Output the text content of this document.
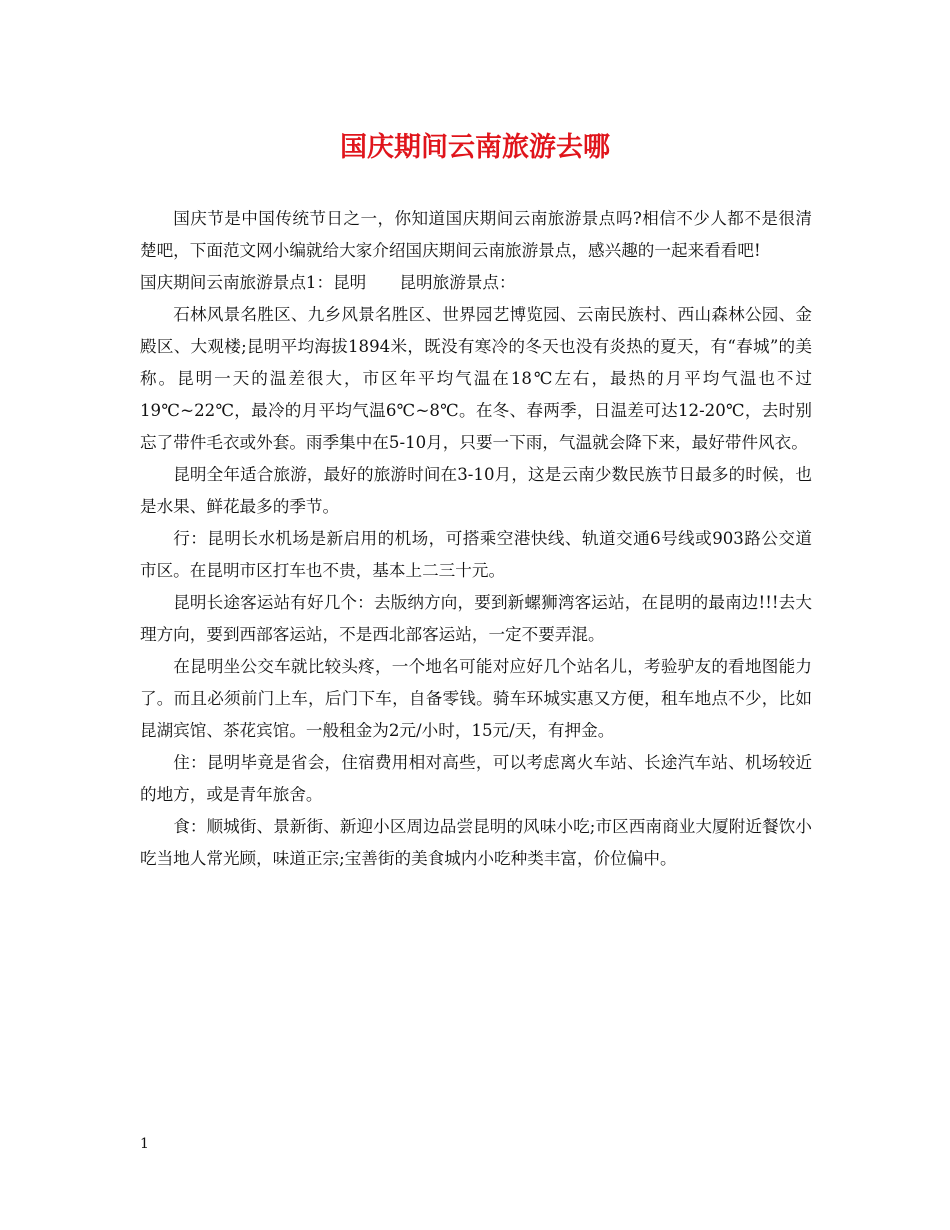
国庆期间云南旅游去哪

国庆节是中国传统节日之一，你知道国庆期间云南旅游景点吗?相信不少人都不是很清楚吧，下面范文网小编就给大家介绍国庆期间云南旅游景点，感兴趣的一起来看看吧!

国庆期间云南旅游景点1：昆明　　昆明旅游景点：

石林风景名胜区、九乡风景名胜区、世界园艺博览园、云南民族村、西山森林公园、金殿区、大观楼;昆明平均海拔1894米，既没有寒冷的冬天也没有炎热的夏天，有“春城”的美称。昆明一天的温差很大，市区年平均气温在18℃左右，最热的月平均气温也不过19℃~22℃，最冷的月平均气温6℃~8℃。在冬、春两季，日温差可达12-20℃，去时别忘了带件毛衣或外套。雨季集中在5-10月，只要一下雨，气温就会降下来，最好带件风衣。

昆明全年适合旅游，最好的旅游时间在3-10月，这是云南少数民族节日最多的时候，也是水果、鲜花最多的季节。

行：昆明长水机场是新启用的机场，可搭乘空港快线、轨道交通6号线或903路公交道市区。在昆明市区打车也不贵，基本上二三十元。

昆明长途客运站有好几个：去版纳方向，要到新螺狮湾客运站，在昆明的最南边!!!去大理方向，要到西部客运站，不是西北部客运站，一定不要弄混。

在昆明坐公交车就比较头疼，一个地名可能对应好几个站名儿，考验驴友的看地图能力了。而且必须前门上车，后门下车，自备零钱。骑车环城实惠又方便，租车地点不少，比如昆湖宾馆、茶花宾馆。一般租金为2元/小时，15元/天，有押金。

住：昆明毕竟是省会，住宿费用相对高些，可以考虑离火车站、长途汽车站、机场较近的地方，或是青年旅舍。

食：顺城街、景新街、新迎小区周边品尝昆明的风味小吃;市区西南商业大厦附近餐饮小吃当地人常光顾，味道正宗;宝善街的美食城内小吃种类丰富，价位偏中。

1
